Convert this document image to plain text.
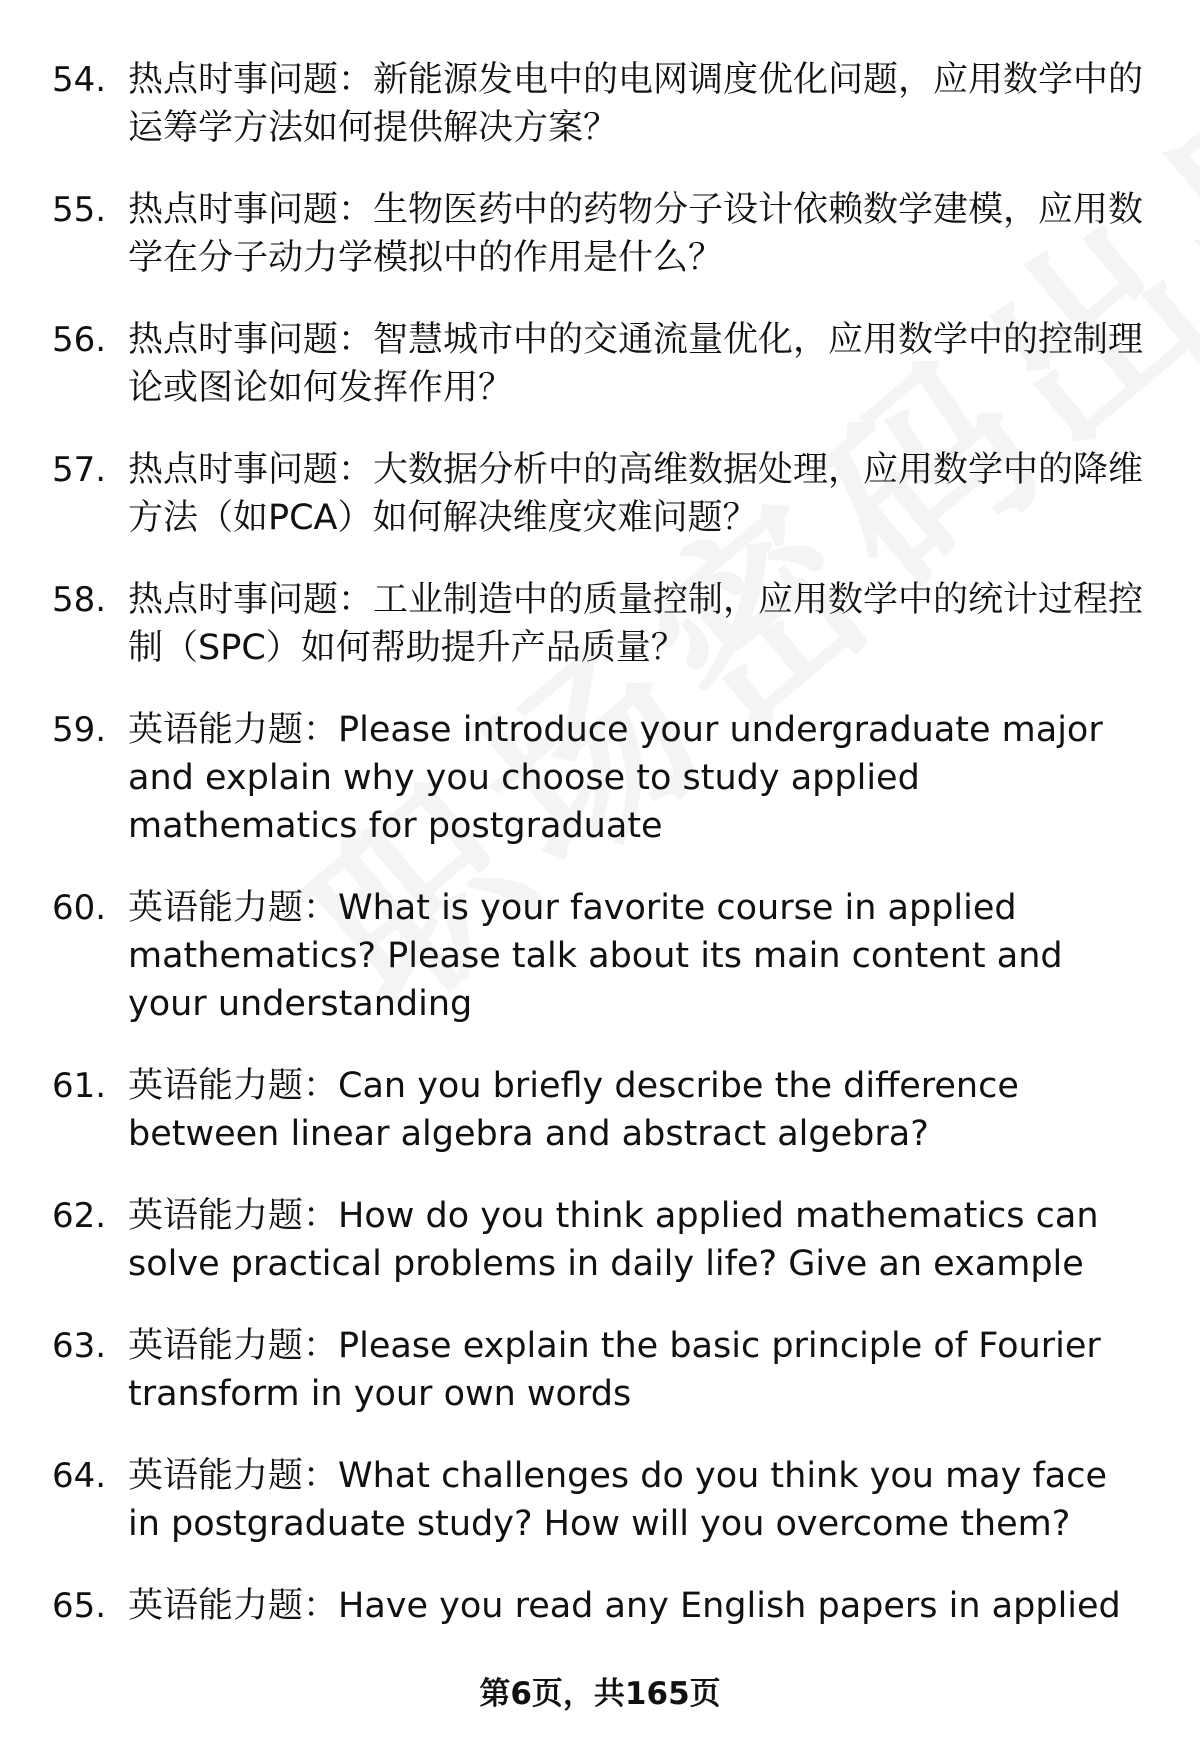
54. 热点时事问题：新能源发电中的电网调度优化问题，应用数学中的运筹学方法如何提供解决方案？
55. 热点时事问题：生物医药中的药物分子设计依赖数学建模，应用数学在分子动力学模拟中的作用是什么？
56. 热点时事问题：智慧城市中的交通流量优化，应用数学中的控制理论或图论如何发挥作用？
57. 热点时事问题：大数据分析中的高维数据处理，应用数学中的降维方法（如PCA）如何解决维度灾难问题？
58. 热点时事问题：工业制造中的质量控制，应用数学中的统计过程控制（SPC）如何帮助提升产品质量？
59. 英语能力题：Please introduce your undergraduate major and explain why you choose to study applied mathematics for postgraduate
60. 英语能力题：What is your favorite course in applied mathematics? Please talk about its main content and your understanding
61. 英语能力题：Can you briefly describe the difference between linear algebra and abstract algebra?
62. 英语能力题：How do you think applied mathematics can solve practical problems in daily life? Give an example
63. 英语能力题：Please explain the basic principle of Fourier transform in your own words
64. 英语能力题：What challenges do you think you may face in postgraduate study? How will you overcome them?
65. 英语能力题：Have you read any English papers in applied
第6页，共165页
